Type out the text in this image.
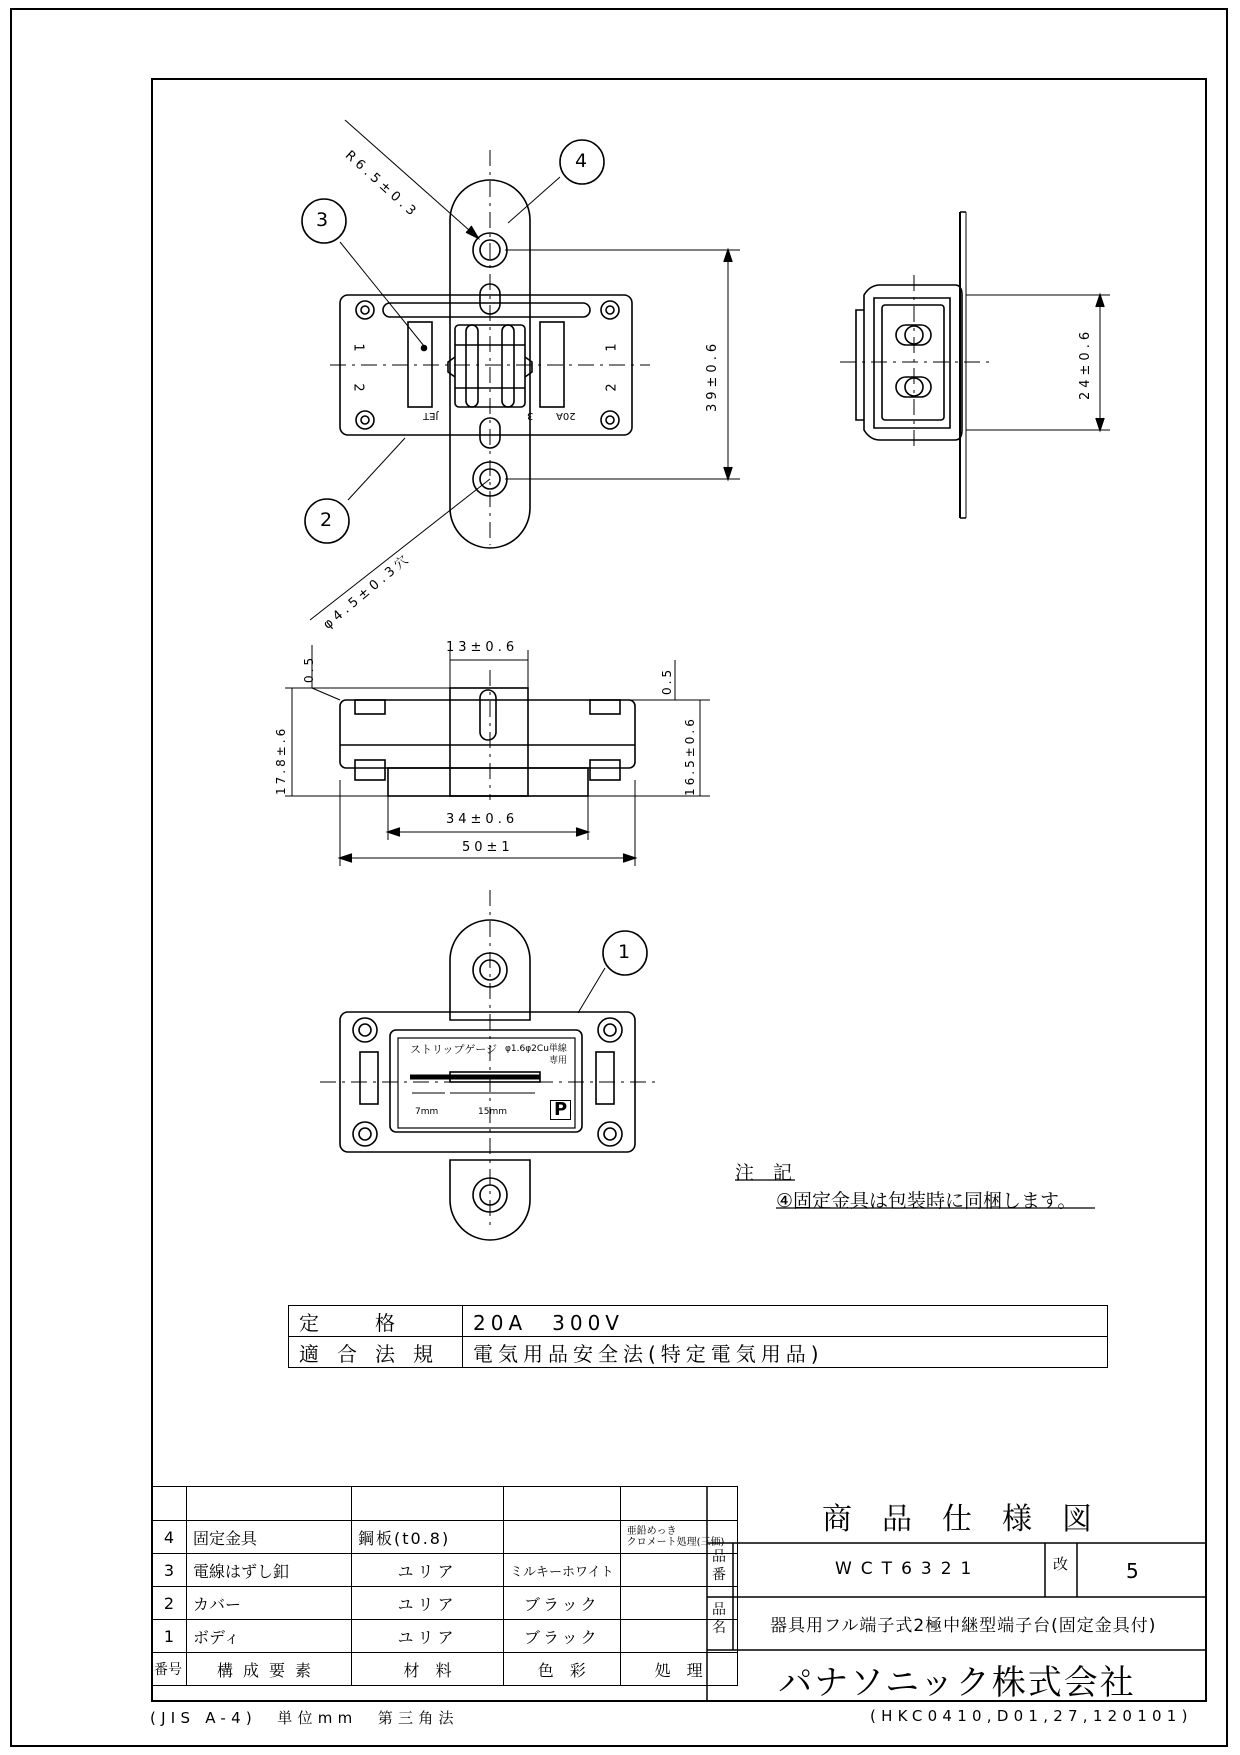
3
4
2
1
R6.5±0.3
φ4.5±0.3穴
39±0.6	24±0.6
13±0.6
34±0.6
50±1
0.5	0.5
17.8±.6	16.5±0.6
1
2
1
2
JET	20A
3
ストリップゲージ φ1.6φ2Cu単線
専用
7mm	15mm	P
注　記
④固定金具は包装時に同梱します。
定　格	20A　300V
適合法規	電気用品安全法(特定電気用品)

4	固定金具	鋼板(t0.8)		亜鉛めっき
クロメート処理(三価)
3	電線はずし釦	ユリア	ミルキーホワイト	
2	カバー	ユリア	ブラック	
1	ボディ	ユリア	ブラック	
番号	構成要素	材　料	色　彩	処　理
商　品　仕　様　図
品番	WCT6321	改	5
品名	器具用フル端子式2極中継型端子台(固定金具付)
パナソニック株式会社
(JIS A-4)　単位mm　第三角法	(HKC0410,D01,27,120101)
